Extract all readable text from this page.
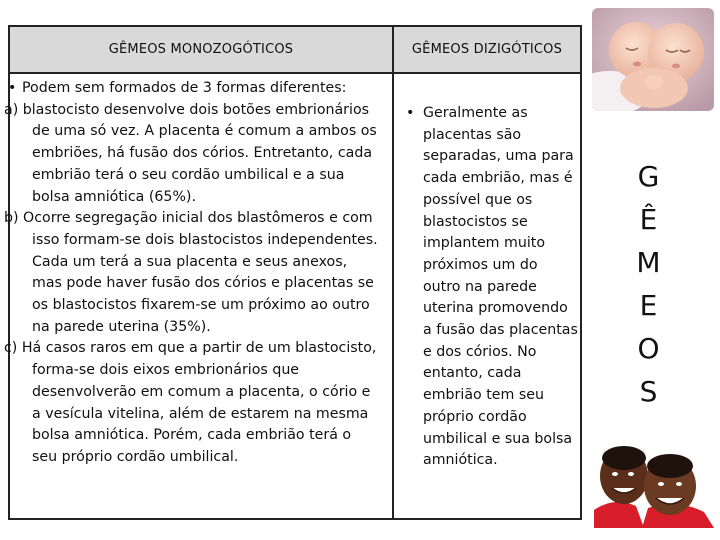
GÊMEOS MONOZOGÓTICOS	GÊMEOS DIZIGÓTICOS

• Podem sem formados de 3 formas diferentes:

a) blastocisto desenvolve dois botões embrionários de uma só vez. A placenta é comum a ambos os embriões, há fusão dos córios. Entretanto, cada embrião terá o seu cordão umbilical e a sua bolsa amniótica (65%).

b) Ocorre segregação inicial dos blastômeros e com isso formam-se dois blastocistos independentes. Cada um terá a sua placenta e seus anexos, mas pode haver fusão dos córios e placentas se os blastocistos fixarem-se um próximo ao outro na parede uterina (35%).

c) Há casos raros em que a partir de um blastocisto, forma-se dois eixos embrionários que desenvolverão em comum a placenta, o cório e a vesícula vitelina, além de estarem na mesma bolsa amniótica. Porém, cada embrião terá o seu próprio cordão umbilical.

• Geralmente as placentas são separadas, uma para cada embrião, mas é possível que os blastocistos se implantem muito próximos um do outro na parede uterina promovendo a fusão das placentas e dos córios. No entanto, cada embrião tem seu próprio cordão umbilical e sua bolsa amniótica.

G
Ê
M
E
O
S
